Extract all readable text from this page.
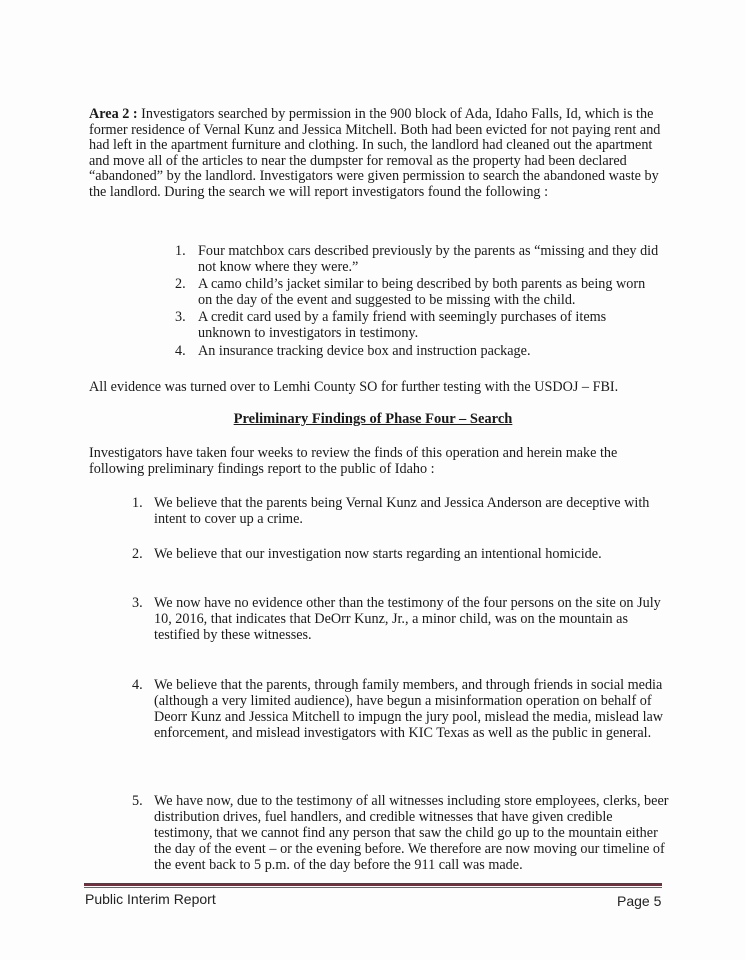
Area 2 : Investigators searched by permission in the 900 block of Ada, Idaho Falls, Id, which is the former residence of Vernal Kunz and Jessica Mitchell. Both had been evicted for not paying rent and had left in the apartment furniture and clothing. In such, the landlord had cleaned out the apartment and move all of the articles to near the dumpster for removal as the property had been declared “abandoned” by the landlord. Investigators were given permission to search the abandoned waste by the landlord. During the search we will report investigators found the following :

1. Four matchbox cars described previously by the parents as “missing and they did not know where they were.”
2. A camo child’s jacket similar to being described by both parents as being worn on the day of the event and suggested to be missing with the child.
3. A credit card used by a family friend with seemingly purchases of items unknown to investigators in testimony.
4. An insurance tracking device box and instruction package.

All evidence was turned over to Lemhi County SO for further testing with the USDOJ – FBI.

Preliminary Findings of Phase Four – Search

Investigators have taken four weeks to review the finds of this operation and herein make the following preliminary findings report to the public of Idaho :

1. We believe that the parents being Vernal Kunz and Jessica Anderson are deceptive with intent to cover up a crime.
2. We believe that our investigation now starts regarding an intentional homicide.
3. We now have no evidence other than the testimony of the four persons on the site on July 10, 2016, that indicates that DeOrr Kunz, Jr., a minor child, was on the mountain as testified by these witnesses.
4. We believe that the parents, through family members, and through friends in social media (although a very limited audience), have begun a misinformation operation on behalf of Deorr Kunz and Jessica Mitchell to impugn the jury pool, mislead the media, mislead law enforcement, and mislead investigators with KIC Texas as well as the public in general.
5. We have now, due to the testimony of all witnesses including store employees, clerks, beer distribution drives, fuel handlers, and credible witnesses that have given credible testimony, that we cannot find any person that saw the child go up to the mountain either the day of the event – or the evening before. We therefore are now moving our timeline of the event back to 5 p.m. of the day before the 911 call was made.
Public Interim Report	Page 5
